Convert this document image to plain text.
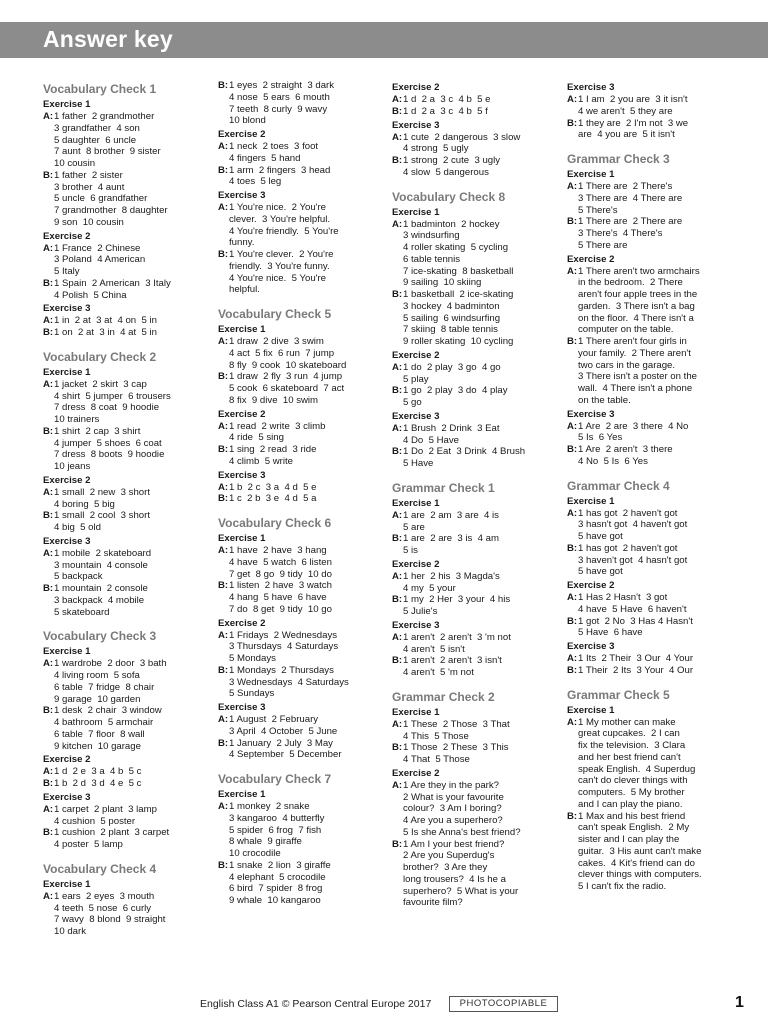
Answer key
Vocabulary Check 1
Exercise 1
A: 1 father  2 grandmother
3 grandfather  4 son
5 daughter  6 uncle
7 aunt  8 brother  9 sister
10 cousin
B: 1 father  2 sister
3 brother  4 aunt
5 uncle  6 grandfather
7 grandmother  8 daughter
9 son  10 cousin
Exercise 2
A: 1 France  2 Chinese
3 Poland  4 American
5 Italy
B: 1 Spain  2 American  3 Italy
4 Polish  5 China
Exercise 3
A: 1 in  2 at  3 at  4 on  5 in
B: 1 on  2 at  3 in  4 at  5 in
Vocabulary Check 2
Exercise 1
A: 1 jacket  2 skirt  3 cap
4 shirt  5 jumper  6 trousers
7 dress  8 coat  9 hoodie
10 trainers
B: 1 shirt  2 cap  3 shirt
4 jumper  5 shoes  6 coat
7 dress  8 boots  9 hoodie
10 jeans
Exercise 2
A: 1 small  2 new  3 short
4 boring  5 big
B: 1 small  2 cool  3 short
4 big  5 old
Exercise 3
A: 1 mobile  2 skateboard
3 mountain  4 console
5 backpack
B: 1 mountain  2 console
3 backpack  4 mobile
5 skateboard
Vocabulary Check 3
Exercise 1
A: 1 wardrobe  2 door  3 bath
4 living room  5 sofa
6 table  7 fridge  8 chair
9 garage  10 garden
B: 1 desk  2 chair  3 window
4 bathroom  5 armchair
6 table  7 floor  8 wall
9 kitchen  10 garage
Exercise 2
A: 1 d  2 e  3 a  4 b  5 c
B: 1 b  2 d  3 d  4 e  5 c
Exercise 3
A: 1 carpet  2 plant  3 lamp
4 cushion  5 poster
B: 1 cushion  2 plant  3 carpet
4 poster  5 lamp
Vocabulary Check 4
Exercise 1
A: 1 ears  2 eyes  3 mouth
4 teeth  5 nose  6 curly
7 wavy  8 blond  9 straight
10 dark
B: 1 eyes  2 straight  3 dark
4 nose  5 ears  6 mouth
7 teeth  8 curly  9 wavy
10 blond
Exercise 2
A: 1 neck  2 toes  3 foot
4 fingers  5 hand
B: 1 arm  2 fingers  3 head
4 toes  5 leg
Exercise 3
A: 1 You're nice.  2 You're
clever.  3 You're helpful.
4 You're friendly.  5 You're
funny.
B: 1 You're clever.  2 You're
friendly.  3 You're funny.
4 You're nice.  5 You're
helpful.
Vocabulary Check 5
Exercise 1
A: 1 draw  2 dive  3 swim
4 act  5 fix  6 run  7 jump
8 fly  9 cook  10 skateboard
B: 1 draw  2 fly  3 run  4 jump
5 cook  6 skateboard  7 act
8 fix  9 dive  10 swim
Exercise 2
A: 1 read  2 write  3 climb
4 ride  5 sing
B: 1 sing  2 read  3 ride
4 climb  5 write
Exercise 3
A: 1 b  2 c  3 a  4 d  5 e
B: 1 c  2 b  3 e  4 d  5 a
Vocabulary Check 6
Exercise 1
A: 1 have  2 have  3 hang
4 have  5 watch  6 listen
7 get  8 go  9 tidy  10 do
B: 1 listen  2 have  3 watch
4 hang  5 have  6 have
7 do  8 get  9 tidy  10 go
Exercise 2
A: 1 Fridays  2 Wednesdays
3 Thursdays  4 Saturdays
5 Mondays
B: 1 Mondays  2 Thursdays
3 Wednesdays  4 Saturdays
5 Sundays
Exercise 3
A: 1 August  2 February
3 April  4 October  5 June
B: 1 January  2 July  3 May
4 September  5 December
Vocabulary Check 7
Exercise 1
A: 1 monkey  2 snake
3 kangaroo  4 butterfly
5 spider  6 frog  7 fish
8 whale  9 giraffe
10 crocodile
B: 1 snake  2 lion  3 giraffe
4 elephant  5 crocodile
6 bird  7 spider  8 frog
9 whale  10 kangaroo
Exercise 2
A: 1 d  2 a  3 c  4 b  5 e
B: 1 d  2 a  3 c  4 b  5 f
Exercise 3
A: 1 cute  2 dangerous  3 slow
4 strong  5 ugly
B: 1 strong  2 cute  3 ugly
4 slow  5 dangerous
Vocabulary Check 8
Exercise 1
A: 1 badminton  2 hockey
3 windsurfing
4 roller skating  5 cycling
6 table tennis
7 ice-skating  8 basketball
9 sailing  10 skiing
B: 1 basketball  2 ice-skating
3 hockey  4 badminton
5 sailing  6 windsurfing
7 skiing  8 table tennis
9 roller skating  10 cycling
Exercise 2
A: 1 do  2 play  3 go  4 go
5 play
B: 1 go  2 play  3 do  4 play
5 go
Exercise 3
A: 1 Brush  2 Drink  3 Eat
4 Do  5 Have
B: 1 Do  2 Eat  3 Drink  4 Brush
5 Have
Grammar Check 1
Exercise 1
A: 1 are  2 am  3 are  4 is
5 are
B: 1 are  2 are  3 is  4 am
5 is
Exercise 2
A: 1 her  2 his  3 Magda's
4 my  5 your
B: 1 my  2 Her  3 your  4 his
5 Julie's
Exercise 3
A: 1 aren't  2 aren't  3 'm not
4 aren't  5 isn't
B: 1 aren't  2 aren't  3 isn't
4 aren't  5 'm not
Grammar Check 2
Exercise 1
A: 1 These  2 Those  3 That
4 This  5 Those
B: 1 Those  2 These  3 This
4 That  5 Those
Exercise 2
A: 1 Are they in the park?
2 What is your favourite
colour?  3 Am I boring?
4 Are you a superhero?
5 Is she Anna's best friend?
B: 1 Am I your best friend?
2 Are you Superdug's
brother?  3 Are they
long trousers?  4 Is he a
superhero?  5 What is your
favourite film?
Exercise 3
A: 1 I am  2 you are  3 it isn't
4 we aren't  5 they are
B: 1 they are  2 I'm not  3 we
are  4 you are  5 it isn't
Grammar Check 3
Exercise 1
A: 1 There are  2 There's
3 There are  4 There are
5 There's
B: 1 There are  2 There are
3 There's  4 There's
5 There are
Exercise 2
A: 1 There aren't two armchairs
in the bedroom.  2 There
aren't four apple trees in the
garden.  3 There isn't a bag
on the floor.  4 There isn't a
computer on the table.
B: 1 There aren't four girls in
your family.  2 There aren't
two cars in the garage.
3 There isn't a poster on the
wall.  4 There isn't a phone
on the table.
Exercise 3
A: 1 Are  2 are  3 there  4 No
5 Is  6 Yes
B: 1 Are  2 aren't  3 there
4 No  5 Is  6 Yes
Grammar Check 4
Exercise 1
A: 1 has got  2 haven't got
3 hasn't got  4 haven't got
5 have got
B: 1 has got  2 haven't got
3 haven't got  4 hasn't got
5 have got
Exercise 2
A: 1 Has 2 Hasn't  3 got
4 have  5 Have  6 haven't
B: 1 got  2 No  3 Has 4 Hasn't
5 Have  6 have
Exercise 3
A: 1 Its  2 Their  3 Our  4 Your
B: 1 Their  2 Its  3 Your  4 Our
Grammar Check 5
Exercise 1
A: 1 My mother can make
great cupcakes.  2 I can
fix the television.  3 Clara
and her best friend can't
speak English.  4 Superdug
can't do clever things with
computers.  5 My brother
and I can play the piano.
B: 1 Max and his best friend
can't speak English.  2 My
sister and I can play the
guitar.  3 His aunt can't make
cakes.  4 Kit's friend can do
clever things with computers.
5 I can't fix the radio.
English Class A1 © Pearson Central Europe 2017	PHOTOCOPIABLE	1
